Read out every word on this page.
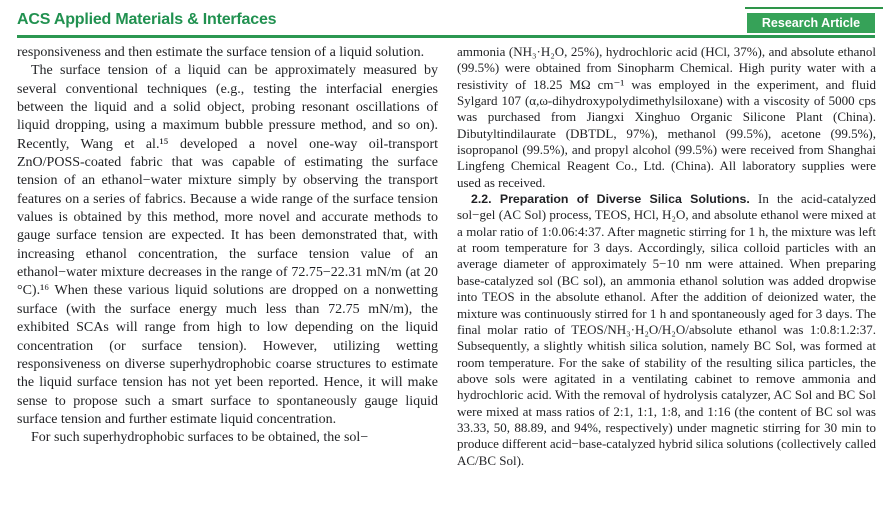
ACS Applied Materials & Interfaces	Research Article
responsiveness and then estimate the surface tension of a liquid solution.
The surface tension of a liquid can be approximately measured by several conventional techniques (e.g., testing the interfacial energies between the liquid and a solid object, probing resonant oscillations of liquid dropping, using a maximum bubble pressure method, and so on). Recently, Wang et al.¹⁵ developed a novel one-way oil-transport ZnO/POSS-coated fabric that was capable of estimating the surface tension of an ethanol−water mixture simply by observing the transport features on a series of fabrics. Because a wide range of the surface tension values is obtained by this method, more novel and accurate methods to gauge surface tension are expected. It has been demonstrated that, with increasing ethanol concentration, the surface tension value of an ethanol−water mixture decreases in the range of 72.75−22.31 mN/m (at 20 °C).¹⁶ When these various liquid solutions are dropped on a nonwetting surface (with the surface energy much less than 72.75 mN/m), the exhibited SCAs will range from high to low depending on the liquid concentration (or surface tension). However, utilizing wetting responsiveness on diverse superhydrophobic coarse structures to estimate the liquid surface tension has not yet been reported. Hence, it will make sense to propose such a smart surface to spontaneously gauge liquid surface tension and further estimate liquid concentration.
For such superhydrophobic surfaces to be obtained, the sol−
ammonia (NH₃·H₂O, 25%), hydrochloric acid (HCl, 37%), and absolute ethanol (99.5%) were obtained from Sinopharm Chemical. High purity water with a resistivity of 18.25 MΩ cm⁻¹ was employed in the experiment, and fluid Sylgard 107 (α,ω-dihydroxypolydimethylsiloxane) with a viscosity of 5000 cps was purchased from Jiangxi Xinghuo Organic Silicone Plant (China). Dibutyltindilaurate (DBTDL, 97%), methanol (99.5%), acetone (99.5%), isopropanol (99.5%), and propyl alcohol (99.5%) were received from Shanghai Lingfeng Chemical Reagent Co., Ltd. (China). All laboratory supplies were used as received.
2.2. Preparation of Diverse Silica Solutions. In the acid-catalyzed sol−gel (AC Sol) process, TEOS, HCl, H₂O, and absolute ethanol were mixed at a molar ratio of 1:0.06:4:37. After magnetic stirring for 1 h, the mixture was left at room temperature for 3 days. Accordingly, silica colloid particles with an average diameter of approximately 5−10 nm were attained. When preparing base-catalyzed sol (BC sol), an ammonia ethanol solution was added dropwise into TEOS in the absolute ethanol. After the addition of deionized water, the mixture was continuously stirred for 1 h and spontaneously aged for 3 days. The final molar ratio of TEOS/NH₃·H₂O/H₂O/absolute ethanol was 1:0.8:1.2:37. Subsequently, a slightly whitish silica solution, namely BC Sol, was formed at room temperature. For the sake of stability of the resulting silica particles, the above sols were agitated in a ventilating cabinet to remove ammonia and hydrochloric acid. With the removal of hydrolysis catalyzer, AC Sol and BC Sol were mixed at mass ratios of 2:1, 1:1, 1:8, and 1:16 (the content of BC sol was 33.33, 50, 88.89, and 94%, respectively) under magnetic stirring for 30 min to produce different acid−base-catalyzed hybrid silica solutions (collectively called AC/BC Sol).
